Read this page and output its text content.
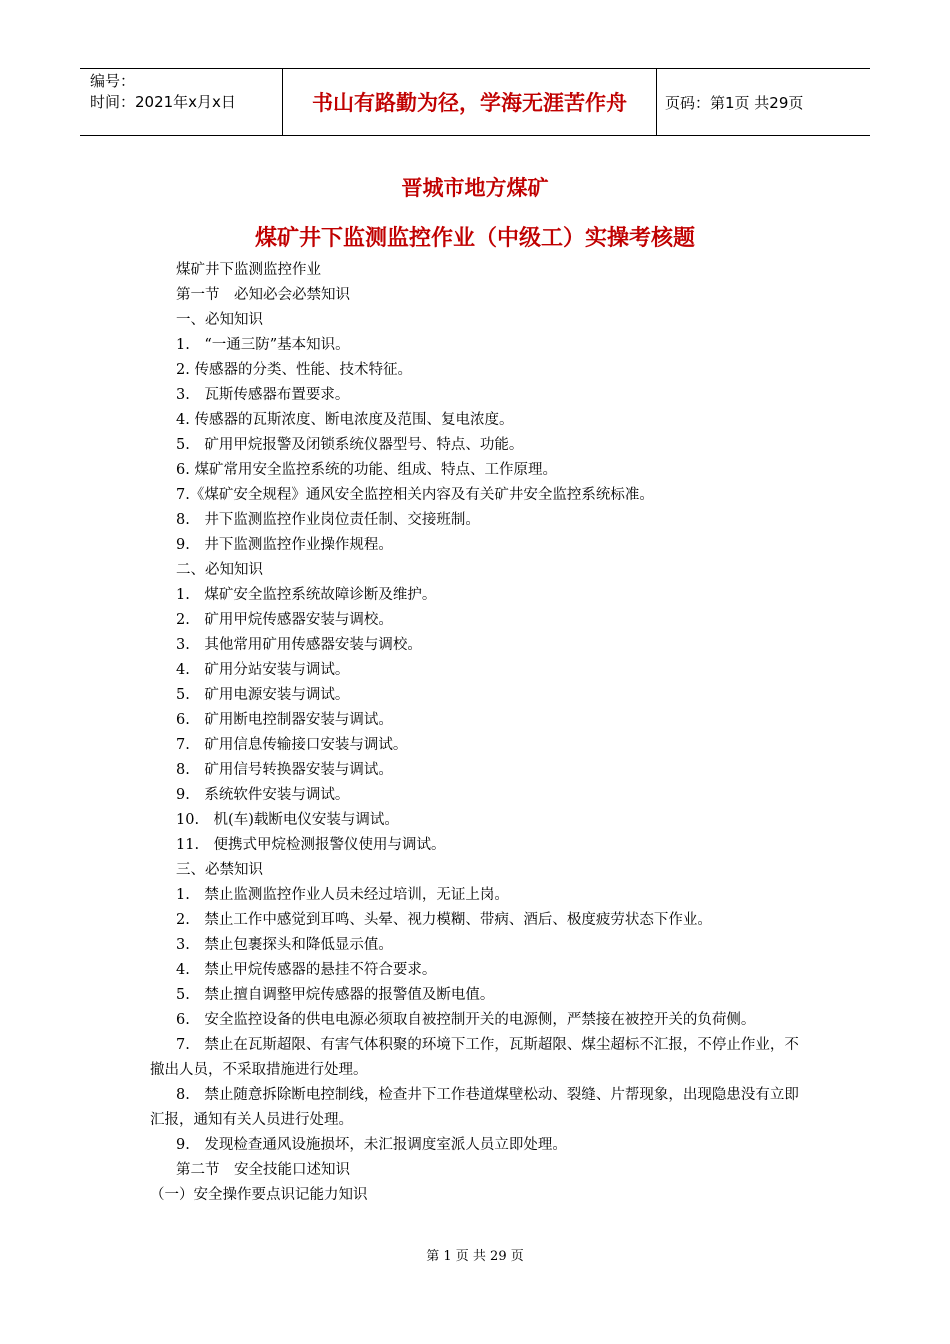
编号：
时间：2021年x月x日	书山有路勤为径，学海无涯苦作舟	页码：第1页 共29页
晋城市地方煤矿
煤矿井下监测监控作业（中级工）实操考核题
煤矿井下监测监控作业
第一节　必知必会必禁知识
一、必知知识
1.　“一通三防”基本知识。
2. 传感器的分类、性能、技术特征。
3.　瓦斯传感器布置要求。
4. 传感器的瓦斯浓度、断电浓度及范围、复电浓度。
5.　矿用甲烷报警及闭锁系统仪器型号、特点、功能。
6. 煤矿常用安全监控系统的功能、组成、特点、工作原理。
7.《煤矿安全规程》通风安全监控相关内容及有关矿井安全监控系统标准。
8.　井下监测监控作业岗位责任制、交接班制。
9.　井下监测监控作业操作规程。
二、必知知识
1.　煤矿安全监控系统故障诊断及维护。
2.　矿用甲烷传感器安装与调校。
3.　其他常用矿用传感器安装与调校。
4.　矿用分站安装与调试。
5.　矿用电源安装与调试。
6.　矿用断电控制器安装与调试。
7.　矿用信息传输接口安装与调试。
8.　矿用信号转换器安装与调试。
9.　系统软件安装与调试。
10.　机(车)载断电仪安装与调试。
11.　便携式甲烷检测报警仪使用与调试。
三、必禁知识
1.　禁止监测监控作业人员未经过培训，无证上岗。
2.　禁止工作中感觉到耳鸣、头晕、视力模糊、带病、酒后、极度疲劳状态下作业。
3.　禁止包裹探头和降低显示值。
4.　禁止甲烷传感器的悬挂不符合要求。
5.　禁止擅自调整甲烷传感器的报警值及断电值。
6.　安全监控设备的供电电源必须取自被控制开关的电源侧，严禁接在被控开关的负荷侧。
7.　禁止在瓦斯超限、有害气体积聚的环境下工作，瓦斯超限、煤尘超标不汇报，不停止作业，不撤出人员，不采取措施进行处理。
8.　禁止随意拆除断电控制线，检查井下工作巷道煤壁松动、裂缝、片帮现象，出现隐患没有立即汇报，通知有关人员进行处理。
9.　发现检查通风设施损坏，未汇报调度室派人员立即处理。
第二节　安全技能口述知识
（一）安全操作要点识记能力知识
第 1 页 共 29 页
